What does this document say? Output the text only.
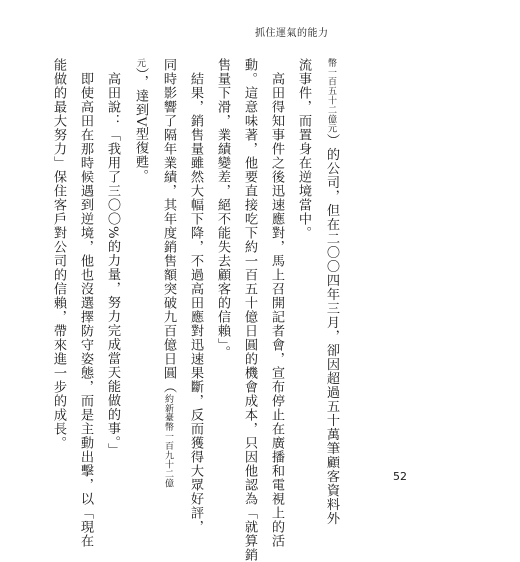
抓住運氣的能力

幣一百五十二億元）的公司，但在二〇〇四年三月，卻因超過五十萬筆顧客資料外
流事件，而置身在逆境當中。

　高田得知事件之後迅速應對，馬上召開記者會，宣布停止在廣播和電視上的活
動。這意味著，他要直接吃下約一百五十億日圓的機會成本，只因他認為「就算銷
售量下滑，業績變差，絕不能失去顧客的信賴」。

　結果，銷售量雖然大幅下降，不過高田應對迅速果斷，反而獲得大眾好評，
同時影響了隔年業績，其年度銷售額突破九百億日圓（約新臺幣一百九十二億
元），達到V型復甦。

　高田說：「我用了三〇〇%的力量，努力完成當天能做的事。」

　即使高田在那時候遇到逆境，他也沒選擇防守姿態，而是主動出擊，以「現在
能做的最大努力」保住客戶對公司的信賴，帶來進一步的成長。

52
